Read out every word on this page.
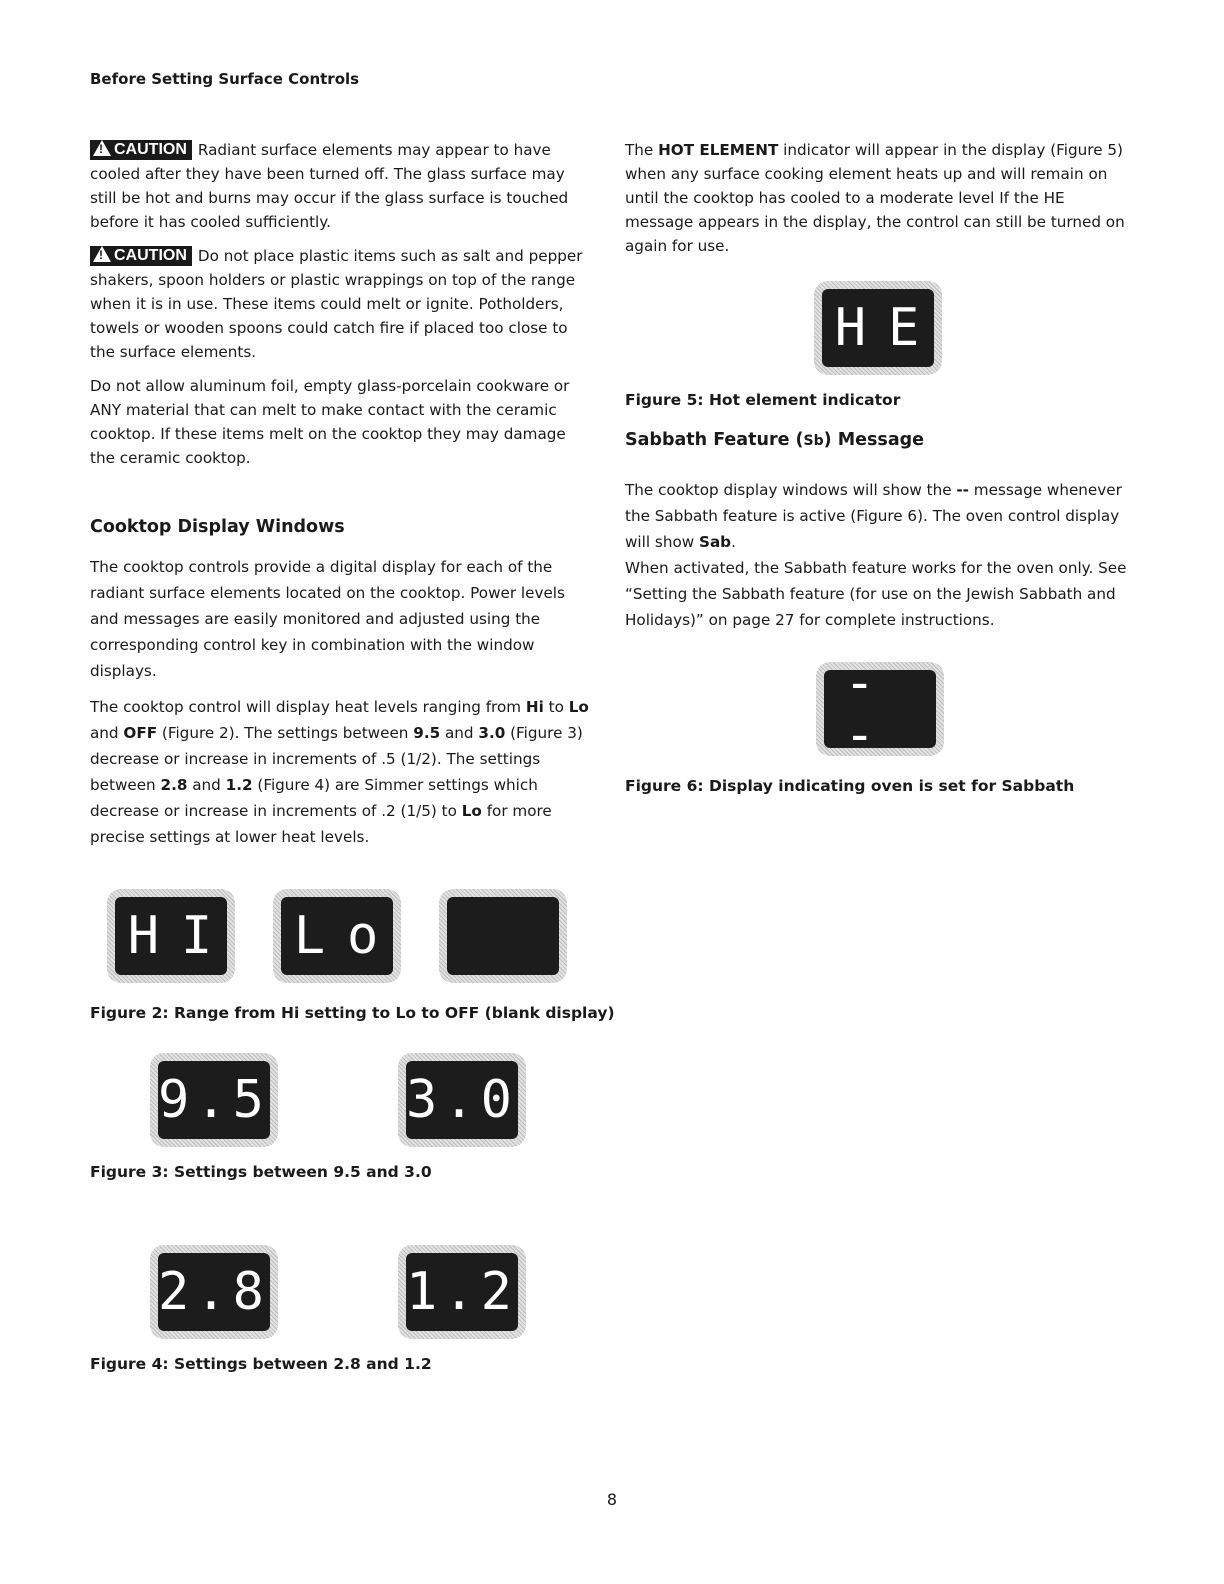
Before Setting Surface Controls

!CAUTION Radiant surface elements may appear to have cooled after they have been turned off. The glass surface may still be hot and burns may occur if the glass surface is touched before it has cooled sufficiently.

!CAUTION Do not place plastic items such as salt and pepper shakers, spoon holders or plastic wrappings on top of the range when it is in use. These items could melt or ignite. Potholders, towels or wooden spoons could catch fire if placed too close to the surface elements.

Do not allow aluminum foil, empty glass-porcelain cookware or ANY material that can melt to make contact with the ceramic cooktop. If these items melt on the cooktop they may damage the ceramic cooktop.

Cooktop Display Windows

The cooktop controls provide a digital display for each of the radiant surface elements located on the cooktop. Power levels and messages are easily monitored and adjusted using the corresponding control key in combination with the window displays.

The cooktop control will display heat levels ranging from Hi to Lo and OFF (Figure 2). The settings between 9.5 and 3.0 (Figure 3) decrease or increase in increments of .5 (1/2). The settings between 2.8 and 1.2 (Figure 4) are Simmer settings which decrease or increase in increments of .2 (1/5) to Lo for more precise settings at lower heat levels.

The HOT ELEMENT indicator will appear in the display (Figure 5) when any surface cooking element heats up and will remain on until the cooktop has cooled to a moderate level If the HE message appears in the display, the control can still be turned on again for use.

Sabbath Feature (Sb) Message

The cooktop display windows will show the -- message whenever the Sabbath feature is active (Figure 6). The oven control display will show Sab.

When activated, the Sabbath feature works for the oven only. See “Setting the Sabbath feature (for use on the Jewish Sabbath and Holidays)” on page 27 for complete instructions.

HE
Figure 5: Hot element indicator
--
Figure 6: Display indicating oven is set for Sabbath
HI Lo
Figure 2: Range from Hi setting to Lo to OFF (blank display)
9.5	3.0
Figure 3: Settings between 9.5 and 3.0
2.8	1.2
Figure 4: Settings between 2.8 and 1.2
8
